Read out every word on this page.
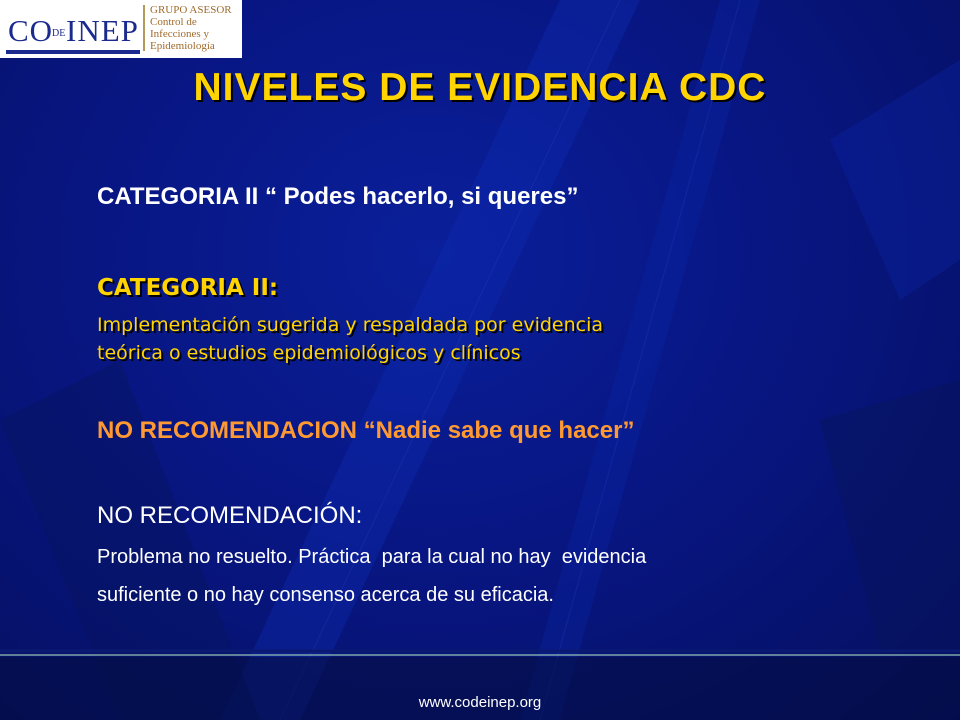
CO
DE INEP
GRUPO ASESOR
Control de
Infecciones y
Epidemiología
NIVELES DE EVIDENCIA CDC
CATEGORIA II “ Podes hacerlo, si queres”
CATEGORIA II:
Implementación sugerida y respaldada por evidencia
teórica o estudios epidemiológicos y clínicos
NO RECOMENDACION “Nadie sabe que hacer”
NO RECOMENDACIÓN:
Problema no resuelto. Práctica  para la cual no hay  evidencia
suficiente o no hay consenso acerca de su eficacia.
www.codeinep.org
